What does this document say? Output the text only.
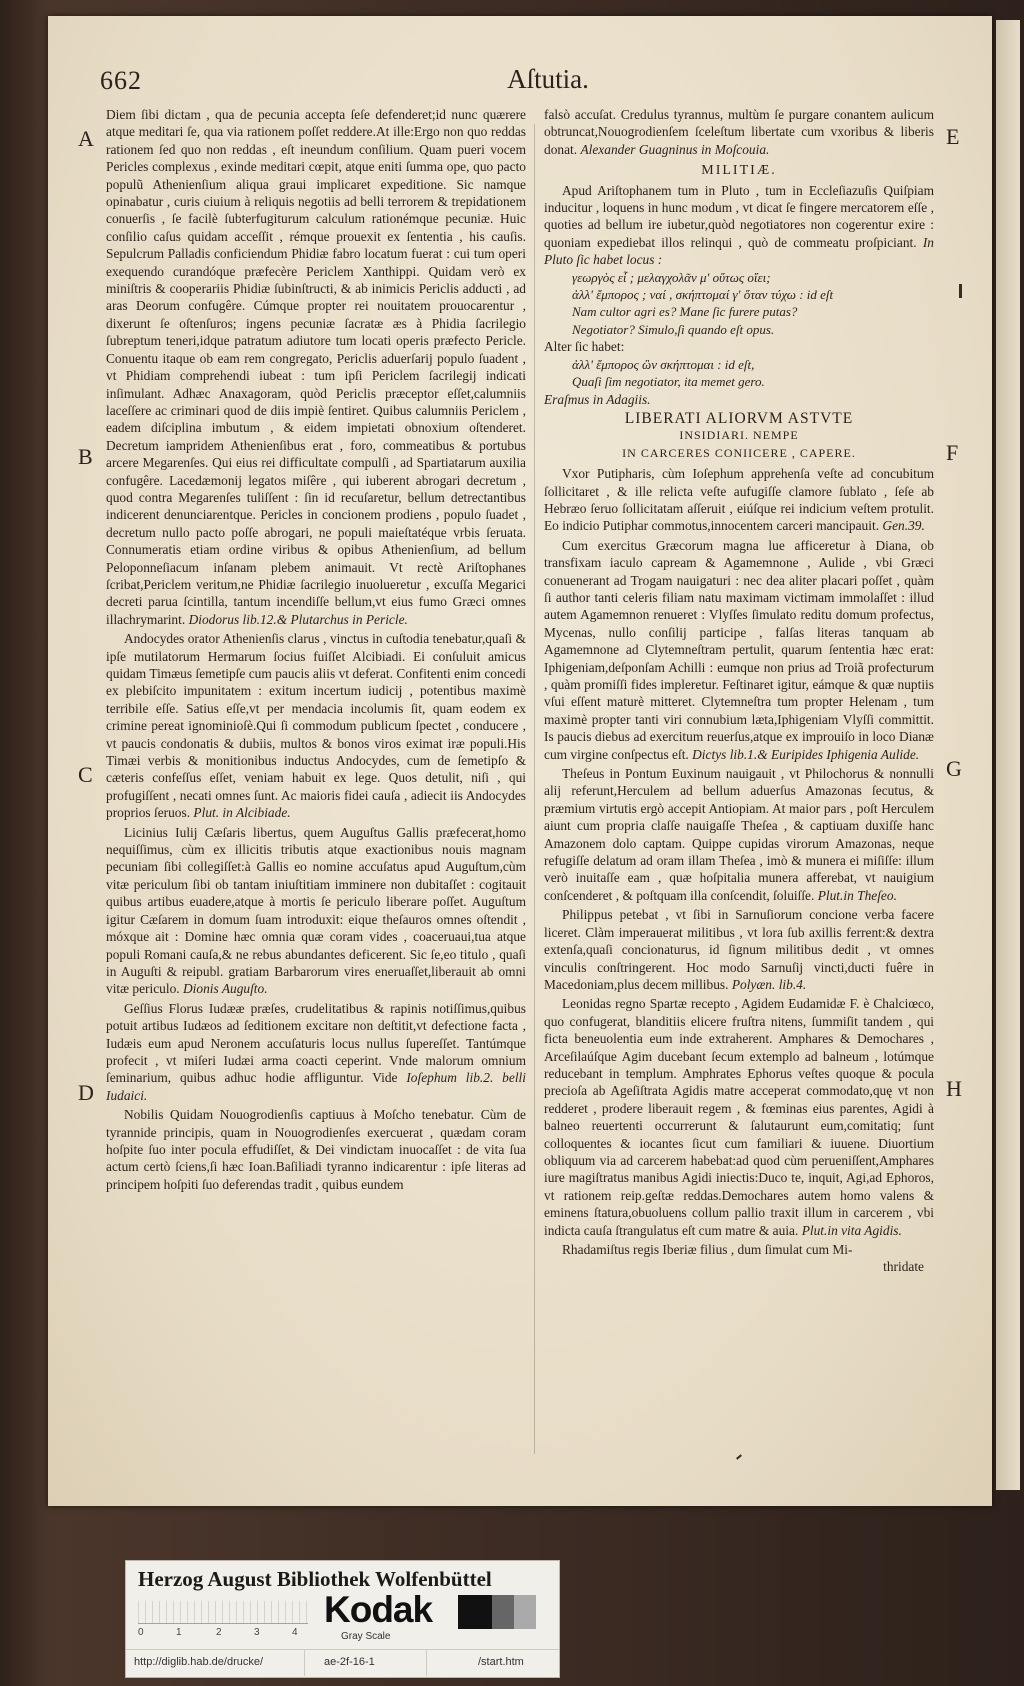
662	Aſtutia.
A
B
C
D
E
F
G
H

Diem ſibi dictam , qua de pecunia accepta ſeſe defenderet;id nunc quærere atque meditari ſe, qua via rationem poſſet reddere.At ille:Ergo non quo reddas rationem ſed quo non reddas , eſt ineundum conſilium. Quam pueri vocem Pericles complexus , exinde meditari cœpit, atque eniti ſumma ope, quo pacto populũ Athenienſium aliqua graui implicaret expeditione. Sic namque opinabatur , curis ciuium à reliquis negotiis ad belli terrorem & trepidationem conuerſis , ſe facilè ſubterfugiturum calculum rationémque pecuniæ. Huic conſilio caſus quidam acceſſit , rémque prouexit ex ſententia , his cauſis. Sepulcrum Palladis conficiendum Phidiæ fabro locatum fuerat : cui tum operi exequendo curandóque præfecère Periclem Xanthippi. Quidam verò ex miniſtris & cooperariis Phidiæ ſubinſtructi, & ab inimicis Periclis adducti , ad aras Deorum confugêre. Cúmque propter rei nouitatem prouocarentur , dixerunt ſe oſtenſuros; ingens pecuniæ ſacratæ æs à Phidia ſacrilegio ſubreptum teneri,idque patratum adiutore tum locati operis præfecto Pericle. Conuentu itaque ob eam rem congregato, Periclis aduerſarij populo ſuadent , vt Phidiam comprehendi iubeat : tum ipſi Periclem ſacrilegij indicati inſimulant. Adhæc Anaxagoram, quòd Periclis præceptor eſſet,calumniis laceſſere ac criminari quod de diis impiè ſentiret. Quibus calumniis Periclem , eadem diſciplina imbutum , & eidem impietati obnoxium oſtenderet. Decretum iampridem Athenienſibus erat , foro, commeatibus & portubus arcere Megarenſes. Qui eius rei difficultate compulſi , ad Spartiatarum auxilia confugêre. Lacedæmonij legatos miſêre , qui iuberent abrogari decretum , quod contra Megarenſes tuliſſent : ſin id recuſaretur, bellum detrectantibus indicerent denunciarentque. Pericles in concionem prodiens , populo ſuadet , decretum nullo pacto poſſe abrogari, ne populi maieſtatéque vrbis ſeruata. Connumeratis etiam ordine viribus & opibus Athenienſium, ad bellum Peloponneſiacum inſanam plebem animauit. Vt rectè Ariſtophanes ſcribat,Periclem veritum,ne Phidiæ ſacrilegio inuolueretur , excuſſa Megarici decreti parua ſcintilla, tantum incendiſſe bellum,vt eius fumo Græci omnes illachrymarint. Diodorus lib.12.& Plutarchus in Pericle.

Andocydes orator Athenienſis clarus , vinctus in cuſtodia tenebatur,quaſi & ipſe mutilatorum Hermarum ſocius fuiſſet Alcibiadi. Ei conſuluit amicus quidam Timæus ſemetipſe cum paucis aliis vt deferat. Confitenti enim concedi ex plebiſcito impunitatem : exitum incertum iudicij , potentibus maximè terribile eſſe. Satius eſſe,vt per mendacia incolumis ſit, quam eodem ex crimine pereat ignominioſè.Qui ſi commodum publicum ſpectet , conducere , vt paucis condonatis & dubiis, multos & bonos viros eximat iræ populi.His Timæi verbis & monitionibus inductus Andocydes, cum de ſemetipſo & cæteris confeſſus eſſet, veniam habuit ex lege. Quos detulit, niſi , qui profugiſſent , necati omnes ſunt. Ac maioris fidei cauſa , adiecit iis Andocydes proprios ſeruos. Plut. in Alcibiade.

Licinius Iulij Cæſaris libertus, quem Auguſtus Gallis præfecerat,homo nequiſſimus, cùm ex illicitis tributis atque exactionibus nouis magnam pecuniam ſibi collegiſſet:à Gallis eo nomine accuſatus apud Auguſtum,cùm vitæ periculum ſibi ob tantam iniuſtitiam imminere non dubitaſſet : cogitauit quibus artibus euadere,atque à mortis ſe periculo liberare poſſet. Auguſtum igitur Cæſarem in domum ſuam introduxit: eique theſauros omnes oſtendit , móxque ait : Domine hæc omnia quæ coram vides , coaceruaui,tua atque populi Romani cauſa,& ne rebus abundantes deficerent. Sic ſe,eo titulo , quaſi in Auguſti & reipubl. gratiam Barbarorum vires eneruaſſet,liberauit ab omni vitæ periculo. Dionis Auguſto.

Geſſius Florus Iudææ præſes, crudelitatibus & rapinis notiſſimus,quibus potuit artibus Iudæos ad ſeditionem excitare non deſtitit,vt defectione facta , Iudæis eum apud Neronem accuſaturis locus nullus ſupereſſet. Tantúmque profecit , vt miſeri Iudæi arma coacti ceperint. Vnde malorum omnium ſeminarium, quibus adhuc hodie affliguntur. Vide Ioſephum lib.2. belli Iudaici.

Nobilis Quidam Nouogrodienſis captiuus à Moſcho tenebatur. Cùm de tyrannide principis, quam in Nouogrodienſes exercuerat , quædam coram hoſpite ſuo inter pocula effudiſſet, & Dei vindictam inuocaſſet : de vita ſua actum certò ſciens,ſi hæc Ioan.Baſiliadi tyranno indicarentur : ipſe literas ad principem hoſpiti ſuo deferendas tradit , quibus eundem

falsò accuſat. Credulus tyrannus, multùm ſe purgare conantem aulicum obtruncat,Nouogrodienſem ſceleſtum libertate cum vxoribus & liberis donat. Alexander Guagninus in Moſcouia.

MILITIÆ.

Apud Ariſtophanem tum in Pluto , tum in Eccleſiazuſis Quiſpiam inducitur , loquens in hunc modum , vt dicat ſe fingere mercatorem eſſe , quoties ad bellum ire iubetur,quòd negotiatores non cogerentur exire : quoniam expediebat illos relinqui , quò de commeatu proſpiciant. In Pluto ſic habet locus :

γεωργὸς εἶ ; μελαγχολᾶν μ' οὕτως οἴει;
ἀλλ' ἔμπορος ; ναί , σκήπτομαί γ' ὅταν τύχω : id eſt
Nam cultor agri es? Mane ſic furere putas?
Negotiator? Simulo,ſi quando eſt opus.
Alter ſic habet:
ἀλλ' ἔμπορος ὢν σκήπτομαι : id eſt,
Quaſi ſim negotiator, ita memet gero.
Eraſmus in Adagiis.
LIBERATI ALIORVM ASTVTE
INSIDIARI. NEMPE
IN CARCERES CONIICERE , CAPERE.

Vxor Putipharis, cùm Ioſephum apprehenſa veſte ad concubitum ſollicitaret , & ille relicta veſte aufugiſſe clamore ſublato , ſeſe ab Hebræo ſeruo ſollicitatam aſſeruit , eiúſque rei indicium veſtem protulit. Eo indicio Putiphar commotus,innocentem carceri mancipauit. Gen.39.

Cum exercitus Græcorum magna lue afficeretur à Diana, ob transfixam iaculo capream & Agamemnone , Aulide , vbi Græci conuenerant ad Trogam nauigaturi : nec dea aliter placari poſſet , quàm ſi author tanti celeris filiam natu maximam victimam immolaſſet : illud autem Agamemnon renueret : Vlyſſes ſimulato reditu domum profectus, Mycenas, nullo conſilij participe , falſas literas tanquam ab Agamemnone ad Clytemneſtram pertulit, quarum ſententia hæc erat: Iphigeniam,deſponſam Achilli : eumque non prius ad Troiã profecturum , quàm promiſſi fides impleretur. Feſtinaret igitur, eámque & quæ nuptiis vſui eſſent maturè mitteret. Clytemneſtra tum propter Helenam , tum maximè propter tanti viri connubium læta,Iphigeniam Vlyſſi committit. Is paucis diebus ad exercitum reuerſus,atque ex improuiſo in loco Dianæ cum virgine conſpectus eſt. Dictys lib.1.& Euripides Iphigenia Aulide.

Theſeus in Pontum Euxinum nauigauit , vt Philochorus & nonnulli alij referunt,Herculem ad bellum aduerſus Amazonas ſecutus, & præmium virtutis ergò accepit Antiopiam. At maior pars , poſt Herculem aiunt cum propria claſſe nauigaſſe Theſea , & captiuam duxiſſe hanc Amazonem dolo captam. Quippe cupidas virorum Amazonas, neque refugiſſe delatum ad oram illam Theſea , imò & munera ei miſiſſe: illum verò inuitaſſe eam , quæ hoſpitalia munera afferebat, vt nauigium conſcenderet , & poſtquam illa conſcendit, ſoluiſſe. Plut.in Theſeo.

Philippus petebat , vt ſibi in Sarnuſiorum concione verba facere liceret. Clàm imperauerat militibus , vt lora ſub axillis ferrent:& dextra extenſa,quaſi concionaturus, id ſignum militibus dedit , vt omnes vinculis conſtringerent. Hoc modo Sarnuſij vincti,ducti fuêre in Macedoniam,plus decem millibus. Polyæn. lib.4.

Leonidas regno Spartæ recepto , Agidem Eudamidæ F. è Chalciœco, quo confugerat, blanditiis elicere fruſtra nitens, ſummiſit tandem , qui ficta beneuolentia eum inde extraherent. Amphares & Demochares , Arceſilaúſque Agim ducebant ſecum extemplo ad balneum , lotúmque reducebant in templum. Amphrates Ephorus veſtes quoque & pocula precioſa ab Ageſiſtrata Agidis matre acceperat commodato,quę vt non redderet , prodere liberauit regem , & fœminas eius parentes, Agidi à balneo reuertenti occurrerunt & ſalutaurunt eum,comitatiq; ſunt colloquentes & iocantes ſicut cum familiari & iuuene. Diuortium obliquum via ad carcerem habebat:ad quod cùm perueniſſent,Amphares iure magiſtratus manibus Agidi iniectis:Duco te, inquit, Agi,ad Ephoros, vt rationem reip.geſtæ reddas.Demochares autem homo valens & eminens ſtatura,obuoluens collum pallio traxit illum in carcerem , vbi indicta cauſa ſtrangulatus eſt cum matre & auia. Plut.in vita Agidis.

Rhadamiſtus regis Iberiæ filius , dum ſimulat cum Mi-

thridate
Herzog August Bibliothek Wolfenbüttel
0	1	2	3	4
Kodak
Gray Scale
http://diglib.hab.de/drucke/	ae-2f-16-1	/start.htm
